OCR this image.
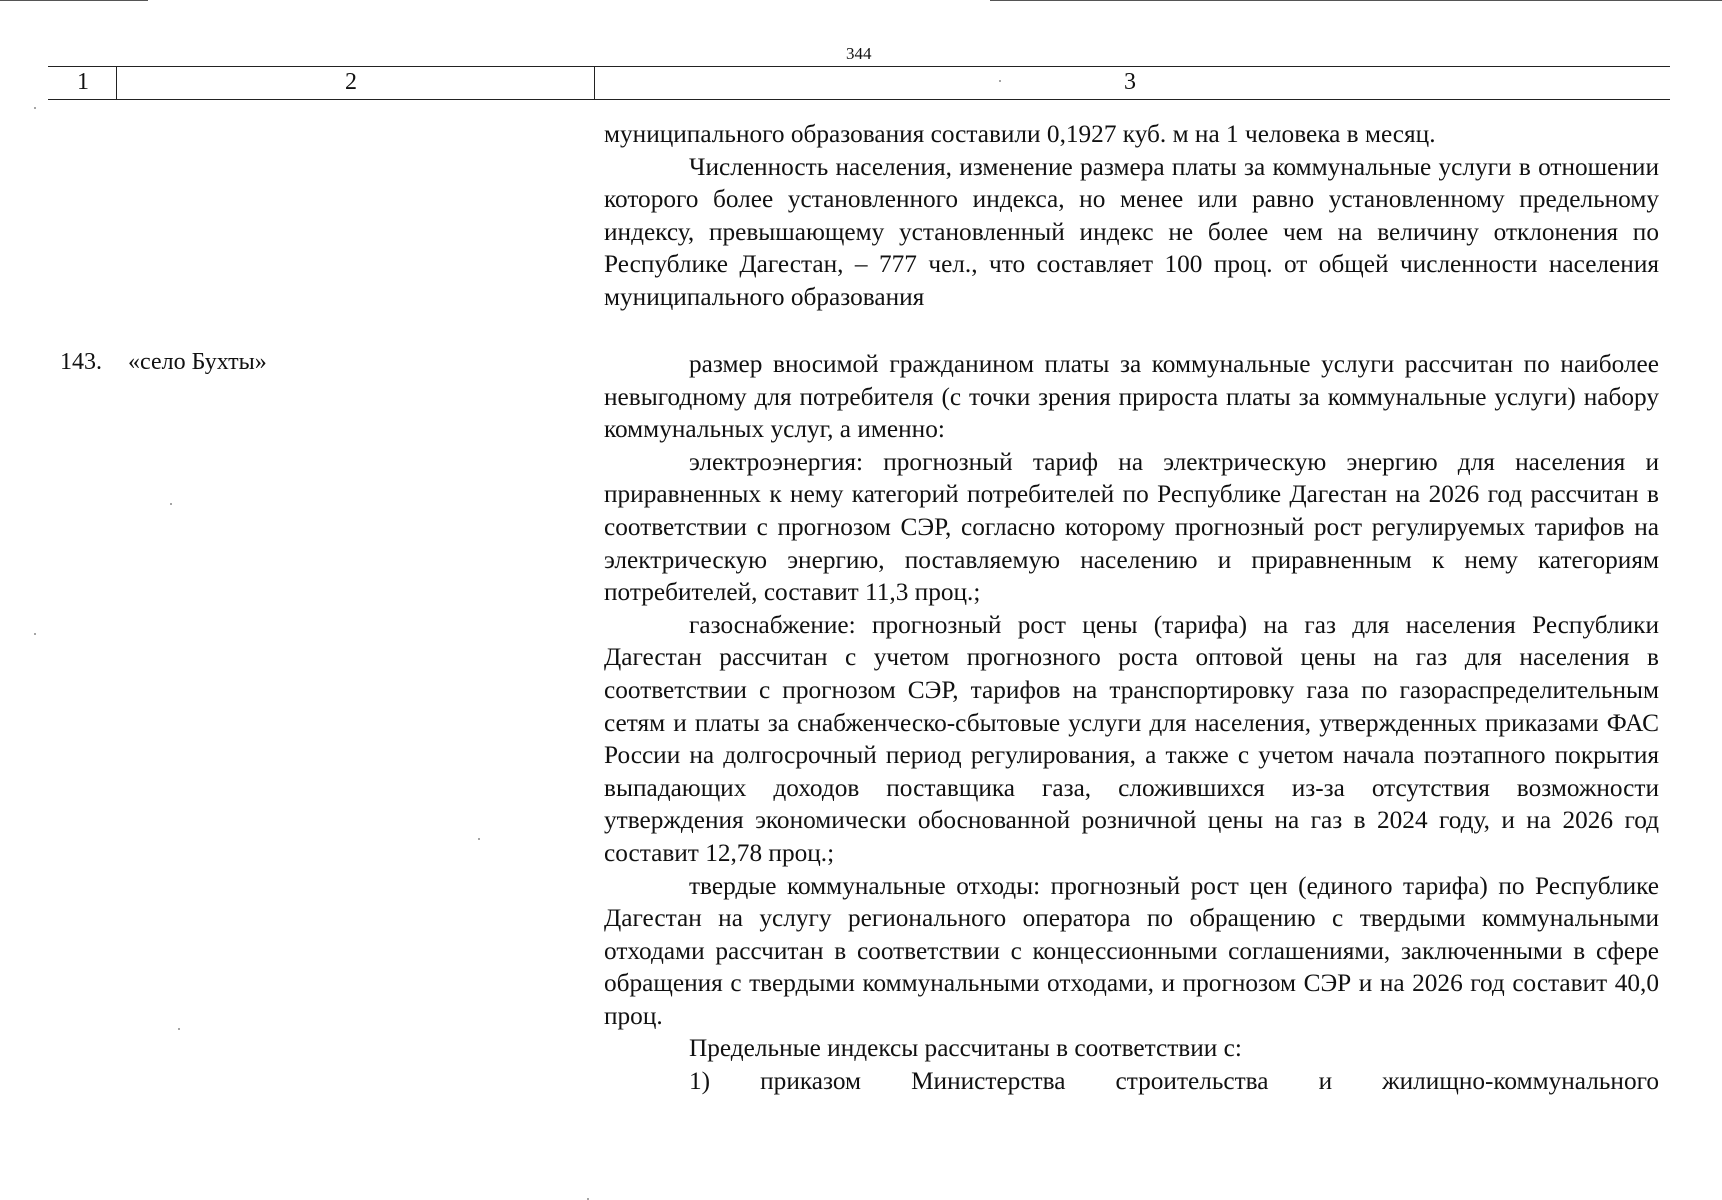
344
1	2	3

муниципального образования составили 0,1927 куб. м на 1 человека в месяц.

Численность населения, изменение размера платы за коммунальные услуги в отношении которого более установленного индекса, но менее или равно установленному предельному индексу, превышающему установленный индекс не более чем на величину отклонения по Республике Дагестан, – 777 чел., что составляет 100 проц. от общей численности населения муниципального образования

143. «село Бухты»	размер вносимой гражданином платы за коммунальные услуги рассчитан по наиболее невыгодному для потребителя (с точки зрения прироста платы за коммунальные услуги) набору коммунальных услуг, а именно:

электроэнергия: прогнозный тариф на электрическую энергию для населения и приравненных к нему категорий потребителей по Республике Дагестан на 2026 год рассчитан в соответствии с прогнозом СЭР, согласно которому прогнозный рост регулируемых тарифов на электрическую энергию, поставляемую населению и приравненным к нему категориям потребителей, составит 11,3 проц.;

газоснабжение: прогнозный рост цены (тарифа) на газ для населения Республики Дагестан рассчитан с учетом прогнозного роста оптовой цены на газ для населения в соответствии с прогнозом СЭР, тарифов на транспортировку газа по газораспределительным сетям и платы за снабженческо-сбытовые услуги для населения, утвержденных приказами ФАС России на долгосрочный период регулирования, а также с учетом начала поэтапного покрытия выпадающих доходов поставщика газа, сложившихся из-за отсутствия возможности утверждения экономически обоснованной розничной цены на газ в 2024 году, и на 2026 год составит 12,78 проц.;

твердые коммунальные отходы: прогнозный рост цен (единого тарифа) по Республике Дагестан на услугу регионального оператора по обращению с твердыми коммунальными отходами рассчитан в соответствии с концессионными соглашениями, заключенными в сфере обращения с твердыми коммунальными отходами, и прогнозом СЭР и на 2026 год составит 40,0 проц.

Предельные индексы рассчитаны в соответствии с:

1) приказом Министерства строительства и жилищно-коммунального
